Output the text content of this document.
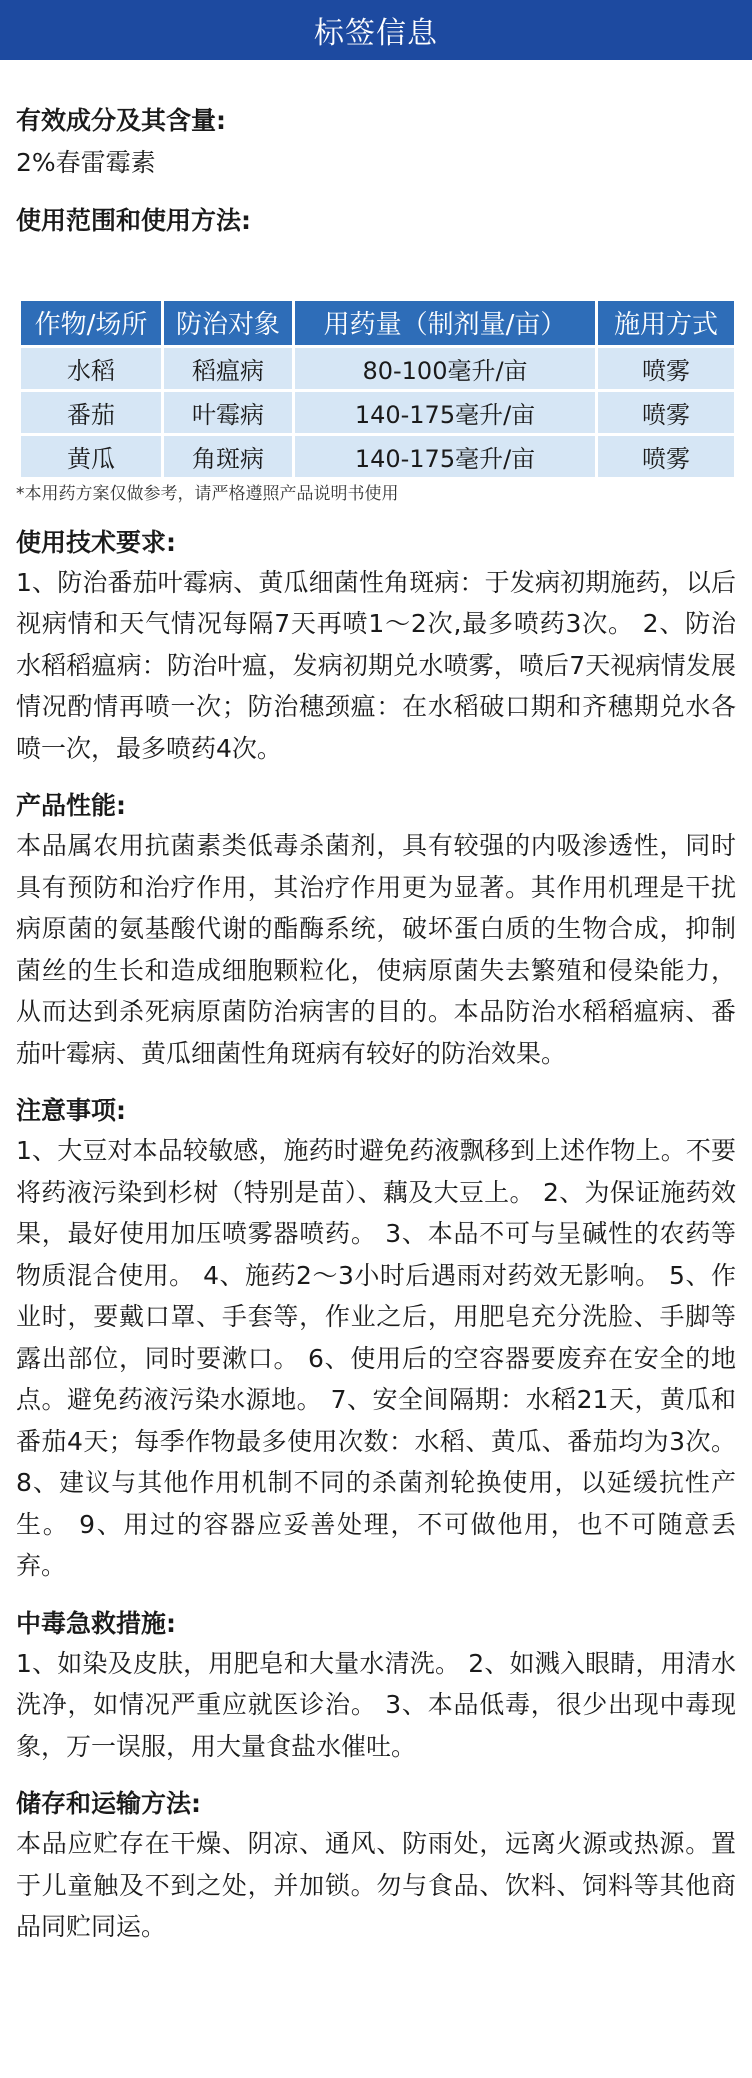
标签信息

有效成分及其含量:

2%春雷霉素

使用范围和使用方法:

作物/场所	防治对象	用药量（制剂量/亩）	施用方式
水稻	稻瘟病	80-100毫升/亩	喷雾
番茄	叶霉病	140-175毫升/亩	喷雾
黄瓜	角斑病	140-175毫升/亩	喷雾

*本用药方案仅做参考，请严格遵照产品说明书使用

使用技术要求:

1、防治番茄叶霉病、黄瓜细菌性角斑病：于发病初期施药，以后视病情和天气情况每隔7天再喷1～2次,最多喷药3次。 2、防治水稻稻瘟病：防治叶瘟，发病初期兑水喷雾，喷后7天视病情发展情况酌情再喷一次；防治穗颈瘟：在水稻破口期和齐穗期兑水各喷一次，最多喷药4次。

产品性能:

本品属农用抗菌素类低毒杀菌剂，具有较强的内吸渗透性，同时具有预防和治疗作用，其治疗作用更为显著。其作用机理是干扰病原菌的氨基酸代谢的酯酶系统，破坏蛋白质的生物合成，抑制菌丝的生长和造成细胞颗粒化，使病原菌失去繁殖和侵染能力，从而达到杀死病原菌防治病害的目的。本品防治水稻稻瘟病、番茄叶霉病、黄瓜细菌性角斑病有较好的防治效果。

注意事项:

1、大豆对本品较敏感，施药时避免药液飘移到上述作物上。不要将药液污染到杉树（特别是苗）、藕及大豆上。 2、为保证施药效果，最好使用加压喷雾器喷药。 3、本品不可与呈碱性的农药等物质混合使用。 4、施药2～3小时后遇雨对药效无影响。 5、作业时，要戴口罩、手套等，作业之后，用肥皂充分洗脸、手脚等露出部位，同时要漱口。 6、使用后的空容器要废弃在安全的地点。避免药液污染水源地。 7、安全间隔期：水稻21天，黄瓜和番茄4天；每季作物最多使用次数：水稻、黄瓜、番茄均为3次。 8、建议与其他作用机制不同的杀菌剂轮换使用，以延缓抗性产生。 9、用过的容器应妥善处理，不可做他用，也不可随意丢弃。

中毒急救措施:

1、如染及皮肤，用肥皂和大量水清洗。 2、如溅入眼睛，用清水洗净，如情况严重应就医诊治。 3、本品低毒，很少出现中毒现象，万一误服，用大量食盐水催吐。

储存和运输方法:

本品应贮存在干燥、阴凉、通风、防雨处，远离火源或热源。置于儿童触及不到之处，并加锁。勿与食品、饮料、饲料等其他商品同贮同运。
